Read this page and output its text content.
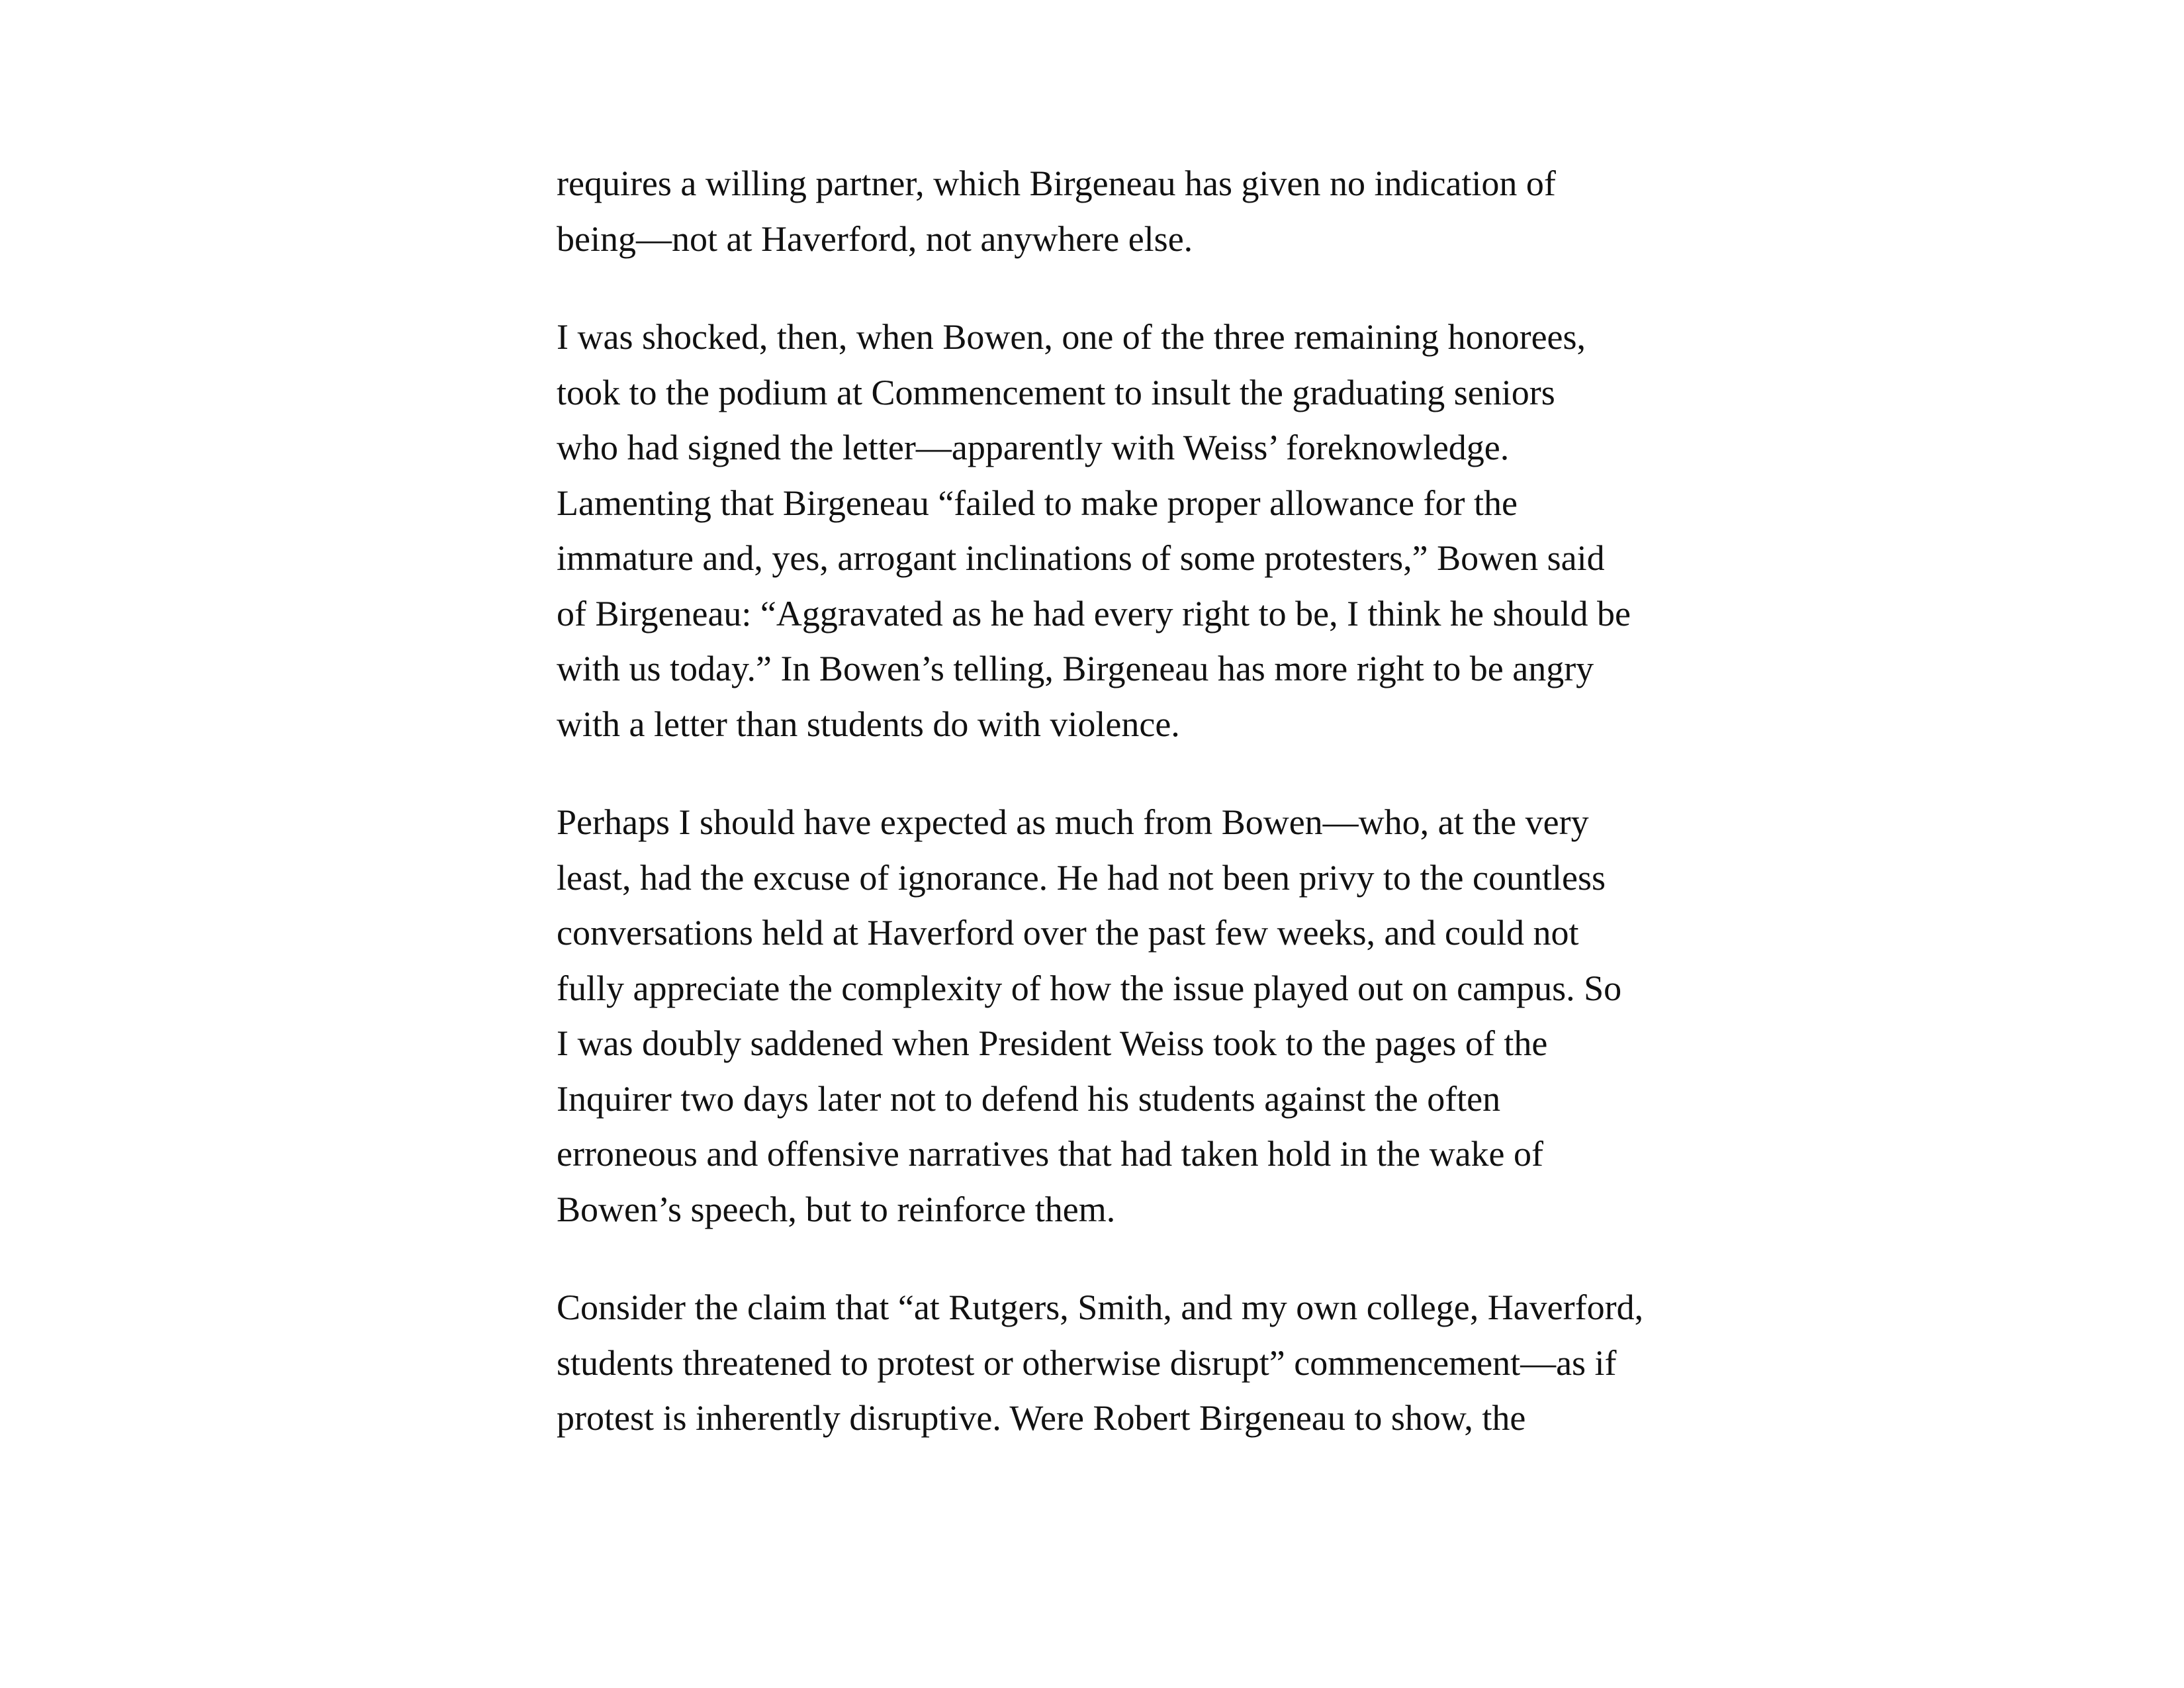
requires a willing partner, which Birgeneau has given no indication of
being—not at Haverford, not anywhere else.

I was shocked, then, when Bowen, one of the three remaining honorees,
took to the podium at Commencement to insult the graduating seniors
who had signed the letter—apparently with Weiss’ foreknowledge.
Lamenting that Birgeneau “failed to make proper allowance for the
immature and, yes, arrogant inclinations of some protesters,” Bowen said
of Birgeneau: “Aggravated as he had every right to be, I think he should be
with us today.” In Bowen’s telling, Birgeneau has more right to be angry
with a letter than students do with violence.

Perhaps I should have expected as much from Bowen—who, at the very
least, had the excuse of ignorance. He had not been privy to the countless
conversations held at Haverford over the past few weeks, and could not
fully appreciate the complexity of how the issue played out on campus. So
I was doubly saddened when President Weiss took to the pages of the
Inquirer two days later not to defend his students against the often
erroneous and offensive narratives that had taken hold in the wake of
Bowen’s speech, but to reinforce them.

Consider the claim that “at Rutgers, Smith, and my own college, Haverford,
students threatened to protest or otherwise disrupt” commencement—as if
protest is inherently disruptive. Were Robert Birgeneau to show, the
